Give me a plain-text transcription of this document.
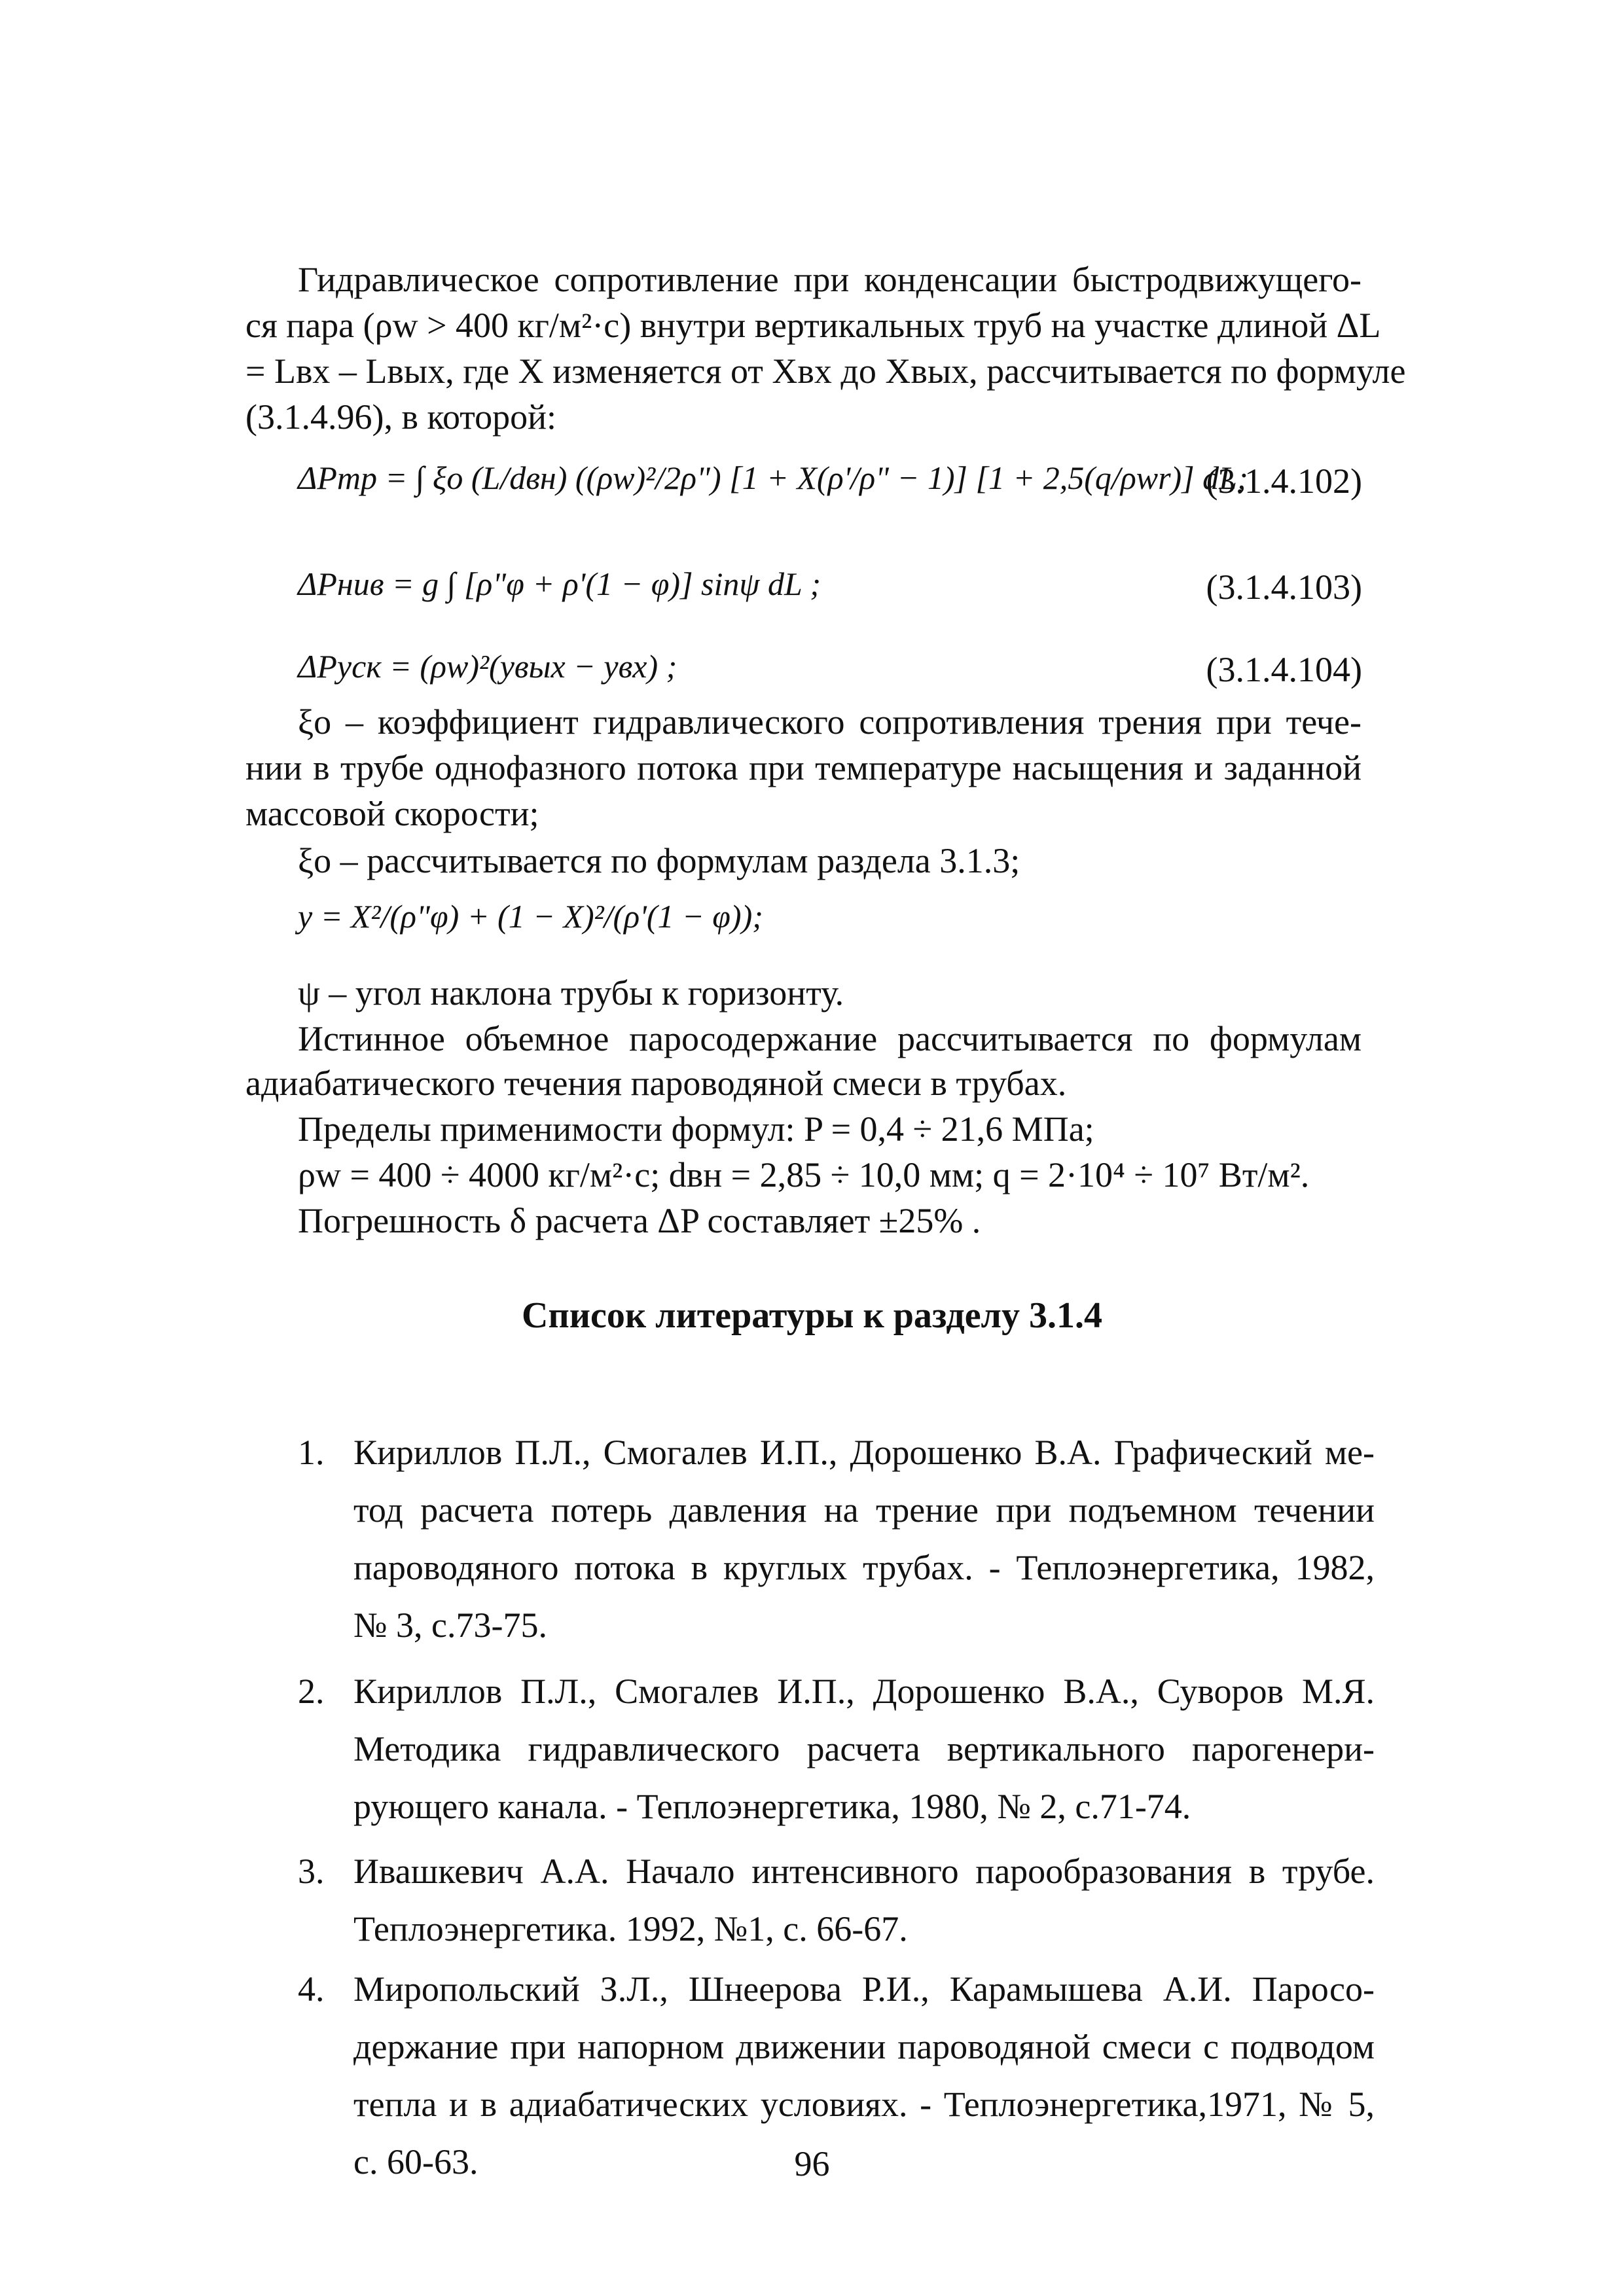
Гидравлическое сопротивление при конденсации быстродвижущего-
ся пара (ρw > 400 кг/м²·с) внутри вертикальных труб на участке длиной ΔL
= Lвх – Lвых, где X изменяется от Xвх до Xвых, рассчитывается по формуле
(3.1.4.96), в которой:
ΔPтр = ∫ ξo (L/dвн) ((ρw)²/2ρ") [1 + X(ρ'/ρ" − 1)] [1 + 2,5(q/ρwr)] dL;
(3.1.4.102)
ΔPнив = g ∫ [ρ"φ + ρ'(1 − φ)] sinψ dL ;	(3.1.4.103)
ΔPуск = (ρw)²(yвых − yвх) ;	(3.1.4.104)
ξo – коэффициент гидравлического сопротивления трения при тече-
нии в трубе однофазного потока при температуре насыщения и заданной
массовой скорости;
ξo – рассчитывается по формулам раздела 3.1.3;
y = X²/(ρ"φ) + (1 − X)²/(ρ'(1 − φ));
ψ – угол наклона трубы к горизонту.
Истинное объемное паросодержание рассчитывается по формулам
адиабатического течения пароводяной смеси в трубах.
Пределы применимости формул: P = 0,4 ÷ 21,6 МПа;
ρw = 400 ÷ 4000 кг/м²·с; dвн = 2,85 ÷ 10,0 мм; q = 2·10⁴ ÷ 10⁷ Вт/м².
Погрешность δ расчета ΔP составляет ±25% .
Список литературы к разделу 3.1.4
1. Кириллов П.Л., Смогалев И.П., Дорошенко В.А. Графический ме-
тод расчета потерь давления на трение при подъемном течении
пароводяного потока в круглых трубах. - Теплоэнергетика, 1982,
№ 3, с.73-75.
2. Кириллов П.Л., Смогалев И.П., Дорошенко В.А., Суворов М.Я.
Методика гидравлического расчета вертикального парогенери-
рующего канала. - Теплоэнергетика, 1980, № 2, с.71-74.
3. Ивашкевич А.А. Начало интенсивного парообразования в трубе.
Теплоэнергетика. 1992, №1, с. 66-67.
4. Миропольский З.Л., Шнеерова Р.И., Карамышева А.И. Паросо-
держание при напорном движении пароводяной смеси с подводом
тепла и в адиабатических условиях. - Теплоэнергетика,1971, № 5,
с. 60-63.	96
